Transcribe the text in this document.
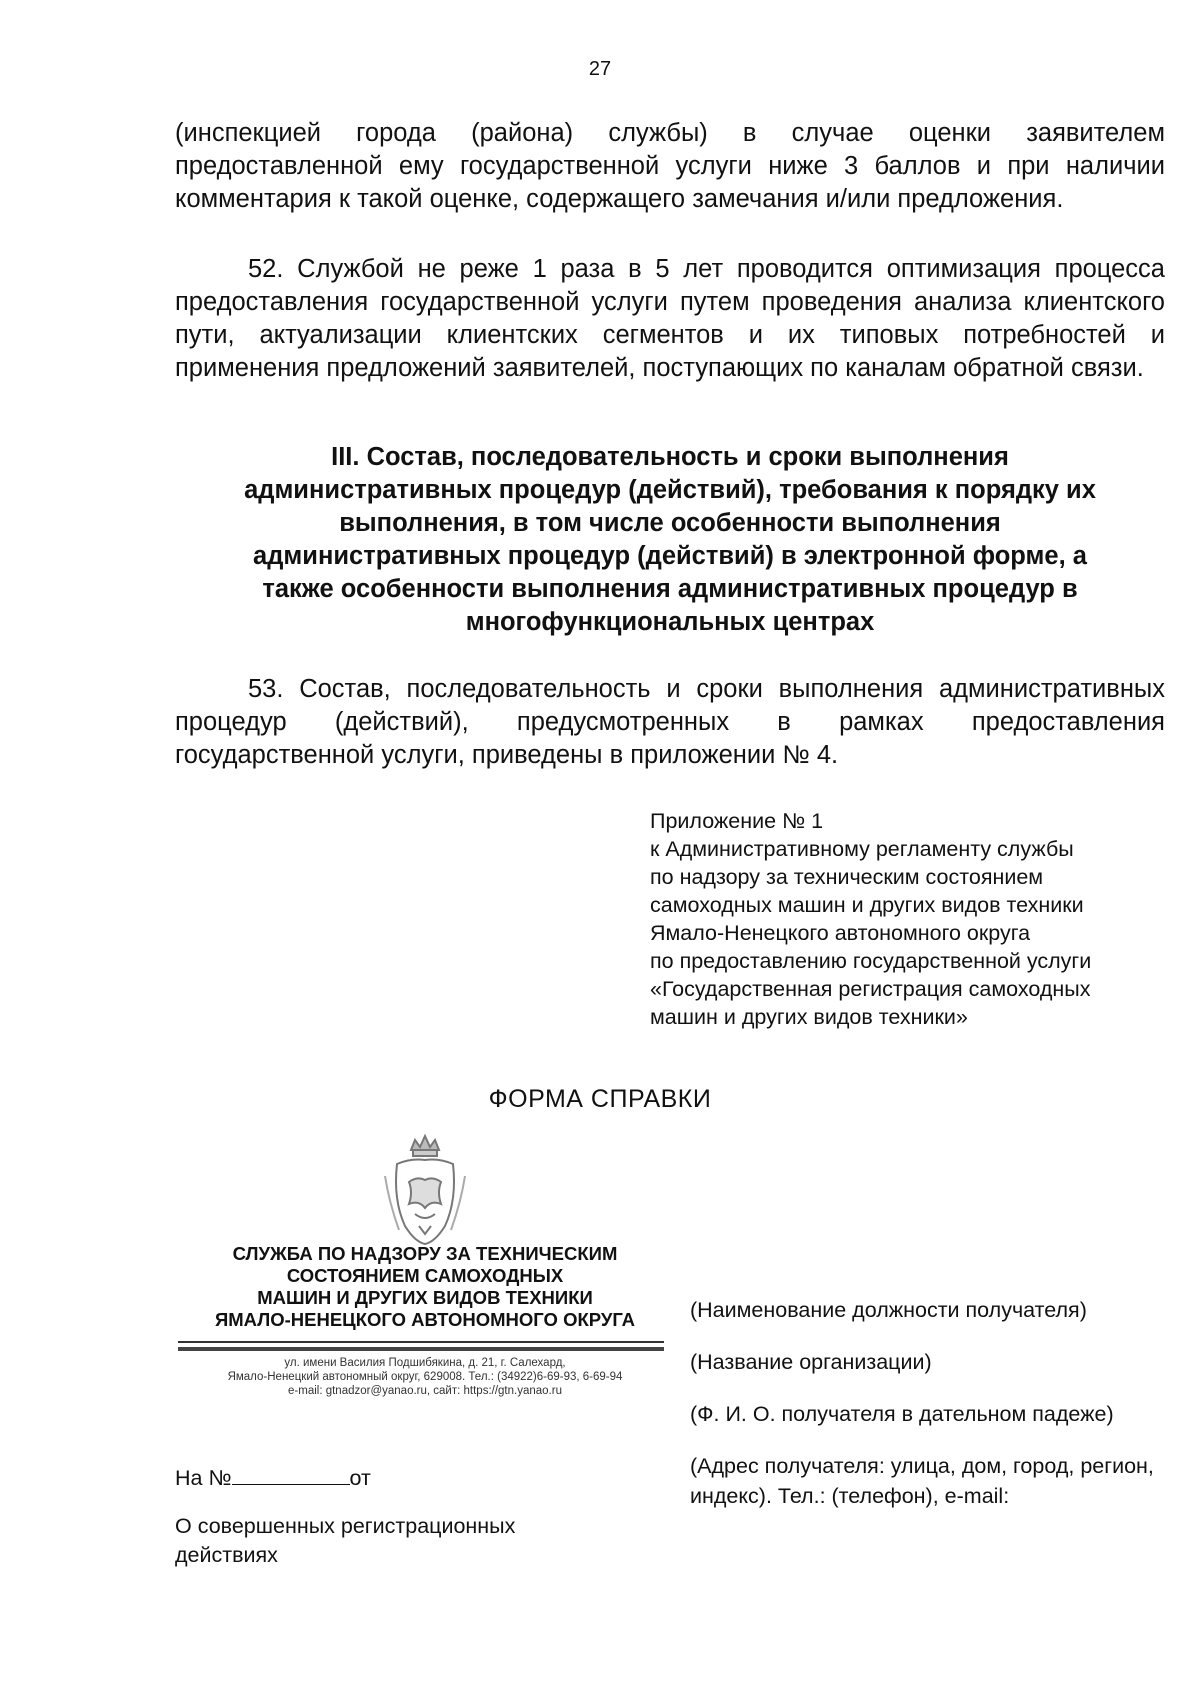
27

(инспекцией города (района) службы) в случае оценки заявителем предоставленной ему государственной услуги ниже 3 баллов и при наличии комментария к такой оценке, содержащего замечания и/или предложения.

52. Службой не реже 1 раза в 5 лет проводится оптимизация процесса предоставления государственной услуги путем проведения анализа клиентского пути, актуализации клиентских сегментов и их типовых потребностей и применения предложений заявителей, поступающих по каналам обратной связи.

III. Состав, последовательность и сроки выполнения
административных процедур (действий), требования к порядку их
выполнения, в том числе особенности выполнения
административных процедур (действий) в электронной форме, а
также особенности выполнения административных процедур в
многофункциональных центрах

53. Состав, последовательность и сроки выполнения административных процедур (действий), предусмотренных в рамках предоставления государственной услуги, приведены в приложении № 4.

Приложение № 1
к Административному регламенту службы
по надзору за техническим состоянием
самоходных машин и других видов техники
Ямало-Ненецкого автономного округа
по предоставлению государственной услуги
«Государственная регистрация самоходных
машин и других видов техники»
ФОРМА СПРАВКИ
СЛУЖБА ПО НАДЗОРУ ЗА ТЕХНИЧЕСКИМ
СОСТОЯНИЕМ САМОХОДНЫХ
МАШИН И ДРУГИХ ВИДОВ ТЕХНИКИ
ЯМАЛО-НЕНЕЦКОГО АВТОНОМНОГО ОКРУГА
ул. имени Василия Подшибякина, д. 21, г. Салехард,
Ямало-Ненецкий автономный округ, 629008. Тел.: (34922)6-69-93, 6-69-94
e-mail: gtnadzor@yanao.ru, сайт: https://gtn.yanao.ru

(Наименование должности получателя)

(Название организации)

(Ф. И. О. получателя в дательном падеже)

(Адрес получателя: улица, дом, город, регион, индекс). Тел.: (телефон), e-mail:

На №	от
О совершенных регистрационных действиях
